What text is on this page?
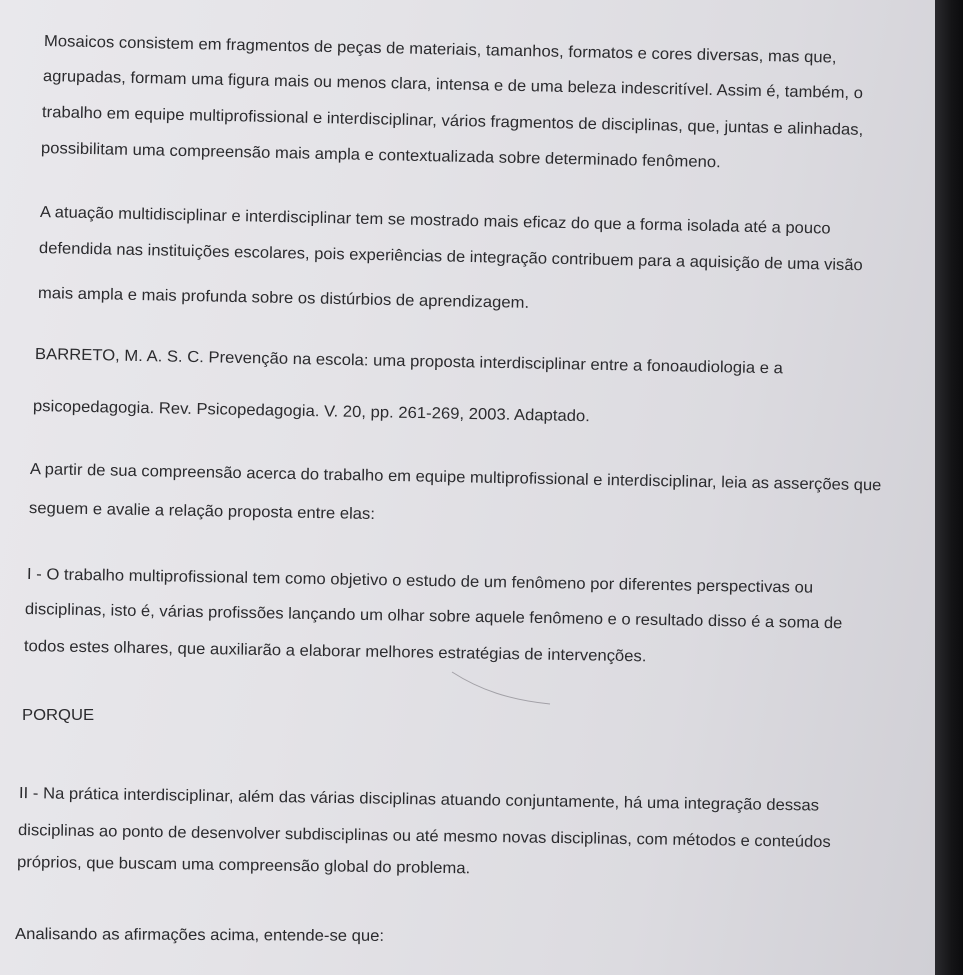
Mosaicos consistem em fragmentos de peças de materiais, tamanhos, formatos e cores diversas, mas que,
agrupadas, formam uma figura mais ou menos clara, intensa e de uma beleza indescritível. Assim é, também, o
trabalho em equipe multiprofissional e interdisciplinar, vários fragmentos de disciplinas, que, juntas e alinhadas,
possibilitam uma compreensão mais ampla e contextualizada sobre determinado fenômeno.
A atuação multidisciplinar e interdisciplinar tem se mostrado mais eficaz do que a forma isolada até a pouco
defendida nas instituições escolares, pois experiências de integração contribuem para a aquisição de uma visão
mais ampla e mais profunda sobre os distúrbios de aprendizagem.
BARRETO, M. A. S. C. Prevenção na escola: uma proposta interdisciplinar entre a fonoaudiologia e a
psicopedagogia. Rev. Psicopedagogia. V. 20, pp. 261-269, 2003. Adaptado.
A partir de sua compreensão acerca do trabalho em equipe multiprofissional e interdisciplinar, leia as asserções que
seguem e avalie a relação proposta entre elas:
I - O trabalho multiprofissional tem como objetivo o estudo de um fenômeno por diferentes perspectivas ou
disciplinas, isto é, várias profissões lançando um olhar sobre aquele fenômeno e o resultado disso é a soma de
todos estes olhares, que auxiliarão a elaborar melhores estratégias de intervenções.
PORQUE
II - Na prática interdisciplinar, além das várias disciplinas atuando conjuntamente, há uma integração dessas
disciplinas ao ponto de desenvolver subdisciplinas ou até mesmo novas disciplinas, com métodos e conteúdos
próprios, que buscam uma compreensão global do problema.
Analisando as afirmações acima, entende-se que:
